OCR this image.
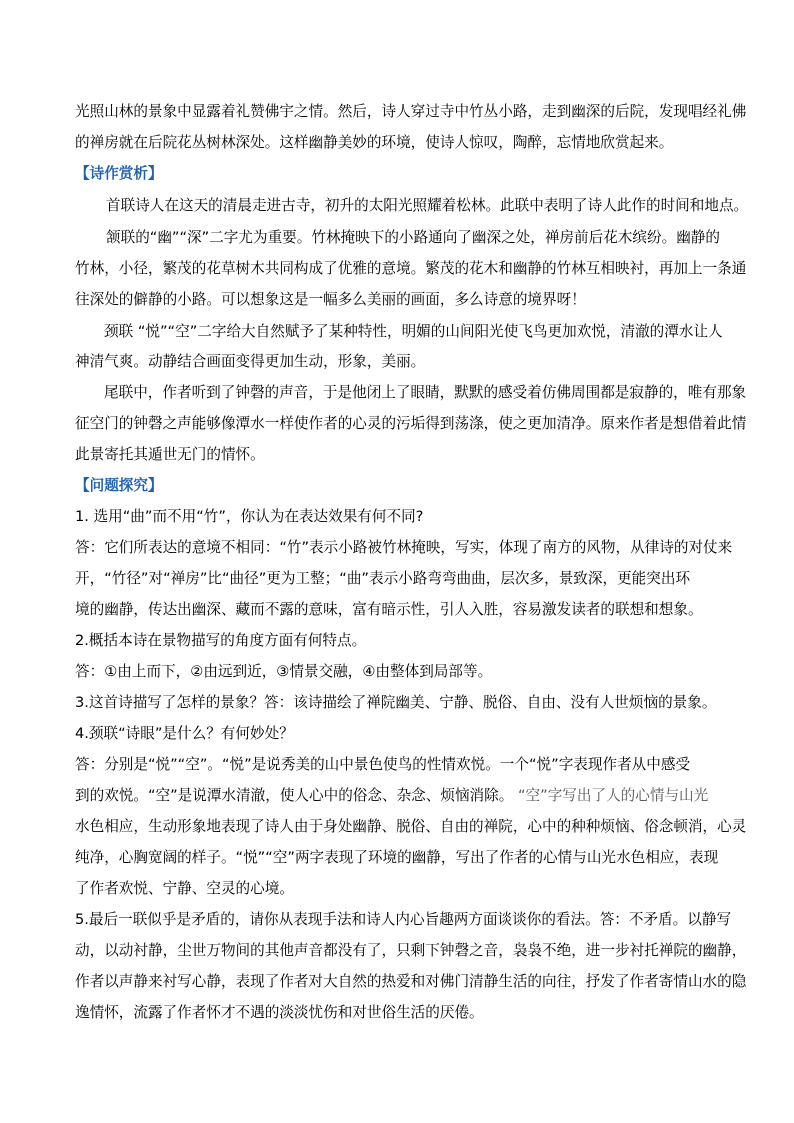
光照山林的景象中显露着礼赞佛宇之情。然后，诗人穿过寺中竹丛小路，走到幽深的后院，发现唱经礼佛
的禅房就在后院花丛树林深处。这样幽静美妙的环境，使诗人惊叹，陶醉，忘情地欣赏起来。
【诗作赏析】
首联诗人在这天的清晨走进古寺，初升的太阳光照耀着松林。此联中表明了诗人此作的时间和地点。
颔联的“幽”“深”二字尤为重要。竹林掩映下的小路通向了幽深之处，禅房前后花木缤纷。幽静的
竹林，小径，繁茂的花草树木共同构成了优雅的意境。繁茂的花木和幽静的竹林互相映衬，再加上一条通
往深处的僻静的小路。可以想象这是一幅多么美丽的画面，多么诗意的境界呀！
颈联 “悦”“空”二字给大自然赋予了某种特性，明媚的山间阳光使飞鸟更加欢悦，清澈的潭水让人
神清气爽。动静结合画面变得更加生动，形象，美丽。
尾联中，作者听到了钟磬的声音，于是他闭上了眼睛，默默的感受着仿佛周围都是寂静的，唯有那象
征空门的钟磬之声能够像潭水一样使作者的心灵的污垢得到荡涤，使之更加清净。原来作者是想借着此情
此景寄托其遁世无门的情怀。
【问题探究】
1. 选用“曲”而不用“竹”，你认为在表达效果有何不同?
答：它们所表达的意境不相同：“竹”表示小路被竹林掩映，写实，体现了南方的风物，从律诗的对仗来
开，“竹径”对“禅房”比“曲径”更为工整；“曲”表示小路弯弯曲曲，层次多，景致深，更能突出环
境的幽静，传达出幽深、藏而不露的意味，富有暗示性，引人入胜，容易激发读者的联想和想象。
2.概括本诗在景物描写的角度方面有何特点。
答：①由上而下，②由远到近，③情景交融，④由整体到局部等。
3.这首诗描写了怎样的景象？答：该诗描绘了禅院幽美、宁静、脱俗、自由、没有人世烦恼的景象。
4.颈联“诗眼”是什么？有何妙处？
答：分别是“悦”“空”。“悦”是说秀美的山中景色使鸟的性情欢悦。一个“悦”字表现作者从中感受
到的欢悦。“空”是说潭水清澈，使人心中的俗念、杂念、烦恼消除。 “空”字写出了人的心情与山光
水色相应，生动形象地表现了诗人由于身处幽静、脱俗、自由的禅院，心中的种种烦恼、俗念顿消，心灵
纯净，心胸宽阔的样子。“悦”“空”两字表现了环境的幽静，写出了作者的心情与山光水色相应，表现
了作者欢悦、宁静、空灵的心境。
5.最后一联似乎是矛盾的，请你从表现手法和诗人内心旨趣两方面谈谈你的看法。答：不矛盾。以静写
动，以动衬静，尘世万物间的其他声音都没有了，只剩下钟磬之音，袅袅不绝，进一步衬托禅院的幽静，
作者以声静来衬写心静，表现了作者对大自然的热爱和对佛门清静生活的向往，抒发了作者寄情山水的隐
逸情怀，流露了作者怀才不遇的淡淡忧伤和对世俗生活的厌倦。
